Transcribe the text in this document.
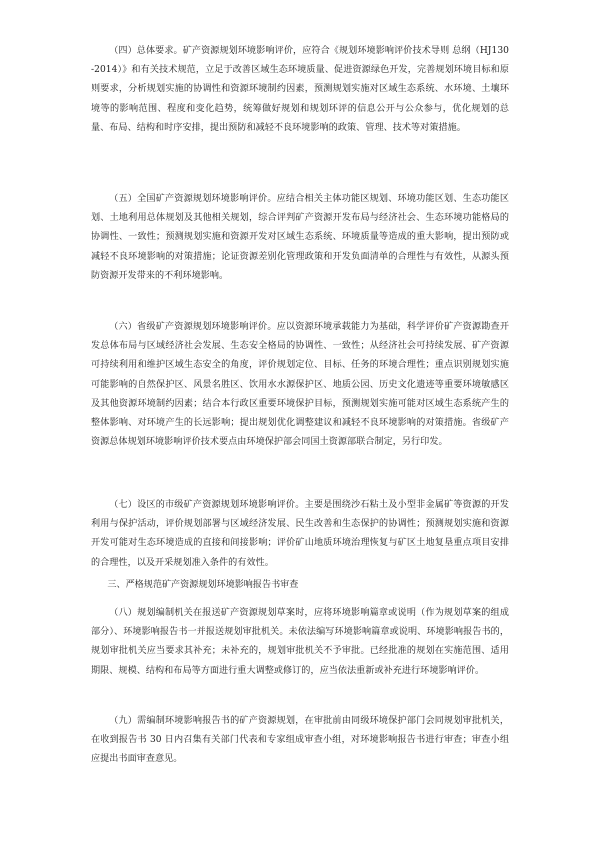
（四）总体要求。矿产资源规划环境影响评价，应符合《规划环境影响评价技术导则 总纲（HJ130-2014）》和有关技术规范，立足于改善区域生态环境质量、促进资源绿色开发，完善规划环境目标和原则要求，分析规划实施的协调性和资源环境制约因素，预测规划实施对区域生态系统、水环境、土壤环境等的影响范围、程度和变化趋势，统筹做好规划和规划环评的信息公开与公众参与，优化规划的总量、布局、结构和时序安排，提出预防和减轻不良环境影响的政策、管理、技术等对策措施。
（五）全国矿产资源规划环境影响评价。应结合相关主体功能区规划、环境功能区划、生态功能区划、土地利用总体规划及其他相关规划，综合评判矿产资源开发布局与经济社会、生态环境功能格局的协调性、一致性；预测规划实施和资源开发对区域生态系统、环境质量等造成的重大影响，提出预防或减轻不良环境影响的对策措施；论证资源差别化管理政策和开发负面清单的合理性与有效性，从源头预防资源开发带来的不利环境影响。
（六）省级矿产资源规划环境影响评价。应以资源环境承载能力为基础，科学评价矿产资源勘查开发总体布局与区域经济社会发展、生态安全格局的协调性、一致性；从经济社会可持续发展、矿产资源可持续利用和维护区域生态安全的角度，评价规划定位、目标、任务的环境合理性；重点识别规划实施可能影响的自然保护区、风景名胜区、饮用水水源保护区、地质公园、历史文化遗迹等重要环境敏感区及其他资源环境制约因素；结合本行政区重要环境保护目标，预测规划实施可能对区域生态系统产生的整体影响、对环境产生的长远影响；提出规划优化调整建议和减轻不良环境影响的对策措施。省级矿产资源总体规划环境影响评价技术要点由环境保护部会同国土资源部联合制定，另行印发。
（七）设区的市级矿产资源规划环境影响评价。主要是围绕沙石粘土及小型非金属矿等资源的开发利用与保护活动，评价规划部署与区域经济发展、民生改善和生态保护的协调性；预测规划实施和资源开发可能对生态环境造成的直接和间接影响；评价矿山地质环境治理恢复与矿区土地复垦重点项目安排的合理性，以及开采规划准入条件的有效性。
三、严格规范矿产资源规划环境影响报告书审查
（八）规划编制机关在报送矿产资源规划草案时，应将环境影响篇章或说明（作为规划草案的组成部分）、环境影响报告书一并报送规划审批机关。未依法编写环境影响篇章或说明、环境影响报告书的，规划审批机关应当要求其补充；未补充的，规划审批机关不予审批。已经批准的规划在实施范围、适用期限、规模、结构和布局等方面进行重大调整或修订的，应当依法重新或补充进行环境影响评价。
（九）需编制环境影响报告书的矿产资源规划，在审批前由同级环境保护部门会同规划审批机关，在收到报告书 30 日内召集有关部门代表和专家组成审查小组，对环境影响报告书进行审查；审查小组应提出书面审查意见。
